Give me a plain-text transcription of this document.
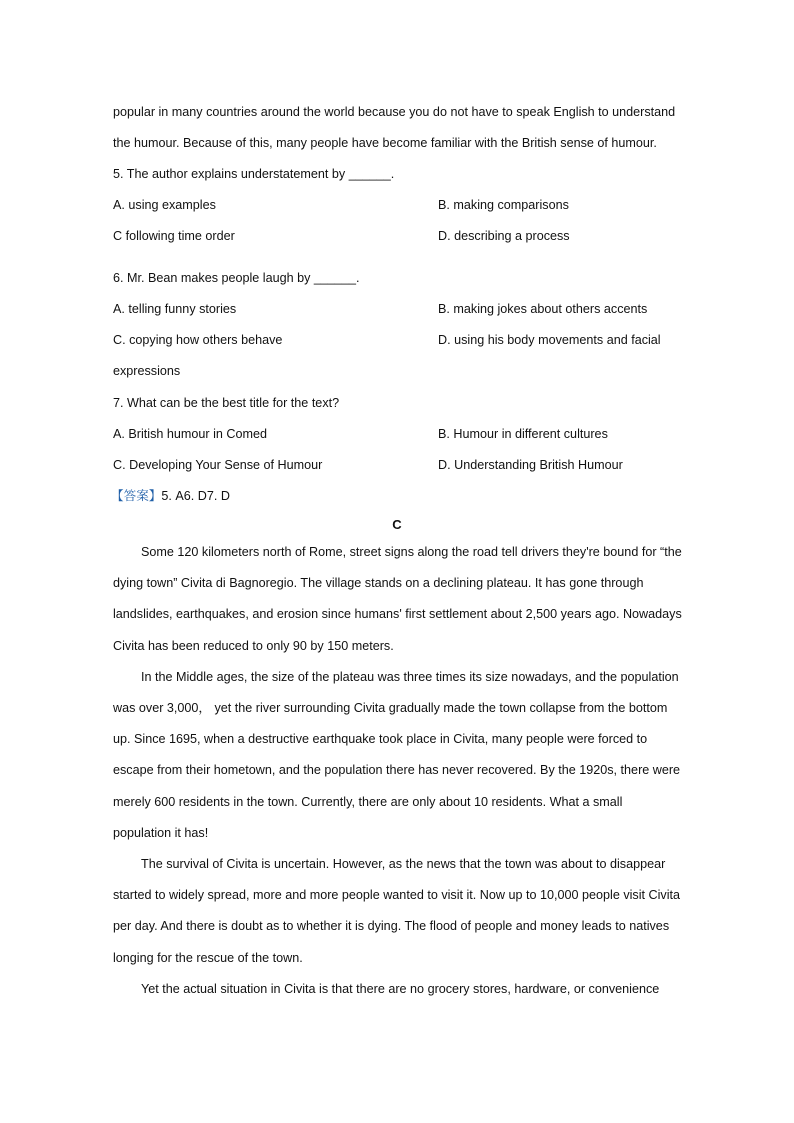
popular in many countries around the world because you do not have to speak English to understand
the humour. Because of this, many people have become familiar with the British sense of humour.
5. The author explains understatement by ______.
A. using examples	B. making comparisons
C following time order	D. describing a process
6. Mr. Bean makes people laugh by ______.
A. telling funny stories	B. making jokes about others accents
C. copying how others behave	D. using his body movements and facial
expressions
7. What can be the best title for the text?
A. British humour in Comed	B. Humour in different cultures
C. Developing Your Sense of Humour	D. Understanding British Humour
【答案】5. A6. D7. D
C
Some 120 kilometers north of Rome, street signs along the road tell drivers they're bound for “the
dying town” Civita di Bagnoregio. The village stands on a declining plateau. It has gone through
landslides, earthquakes, and erosion since humans' first settlement about 2,500 years ago. Nowadays
Civita has been reduced to only 90 by 150 meters.
In the Middle ages, the size of the plateau was three times its size nowadays, and the population
was over 3,000， yet the river surrounding Civita gradually made the town collapse from the bottom
up. Since 1695, when a destructive earthquake took place in Civita, many people were forced to
escape from their hometown, and the population there has never recovered. By the 1920s, there were
merely 600 residents in the town. Currently, there are only about 10 residents. What a small
population it has!
The survival of Civita is uncertain. However, as the news that the town was about to disappear
started to widely spread, more and more people wanted to visit it. Now up to 10,000 people visit Civita
per day. And there is doubt as to whether it is dying. The flood of people and money leads to natives
longing for the rescue of the town.
Yet the actual situation in Civita is that there are no grocery stores, hardware, or convenience
